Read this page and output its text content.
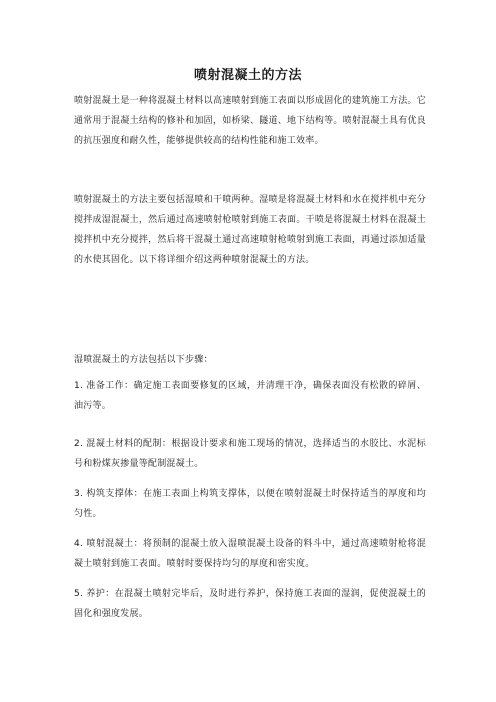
喷射混凝土的方法

喷射混凝土是一种将混凝土材料以高速喷射到施工表面以形成固化的建筑施工方法。它通常用于混凝土结构的修补和加固，如桥梁、隧道、地下结构等。喷射混凝土具有优良的抗压强度和耐久性，能够提供较高的结构性能和施工效率。

喷射混凝土的方法主要包括湿喷和干喷两种。湿喷是将混凝土材料和水在搅拌机中充分搅拌成湿混凝土，然后通过高速喷射枪喷射到施工表面。干喷是将混凝土材料在混凝土搅拌机中充分搅拌，然后将干混凝土通过高速喷射枪喷射到施工表面，再通过添加适量的水使其固化。以下将详细介绍这两种喷射混凝土的方法。

湿喷混凝土的方法包括以下步骤：

1. 准备工作：确定施工表面要修复的区域，并清理干净，确保表面没有松散的碎屑、油污等。

2. 混凝土材料的配制：根据设计要求和施工现场的情况，选择适当的水胶比、水泥标号和粉煤灰掺量等配制混凝土。

3. 构筑支撑体：在施工表面上构筑支撑体，以便在喷射混凝土时保持适当的厚度和均匀性。

4. 喷射混凝土：将预制的混凝土放入湿喷混凝土设备的料斗中，通过高速喷射枪将混凝土喷射到施工表面。喷射时要保持均匀的厚度和密实度。

5. 养护：在混凝土喷射完毕后，及时进行养护，保持施工表面的湿润，促使混凝土的固化和强度发展。
